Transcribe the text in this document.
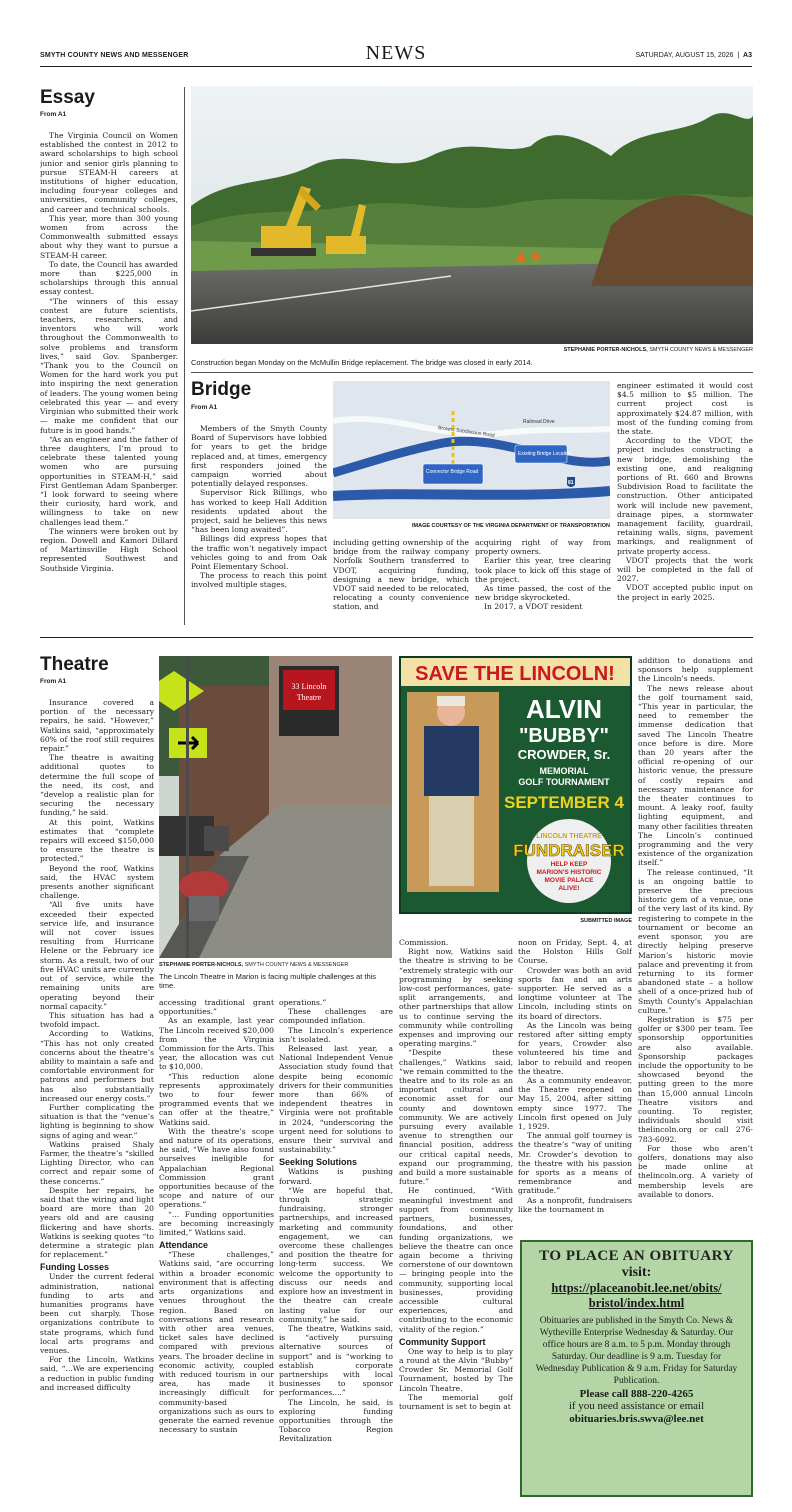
SMYTH COUNTY NEWS AND MESSENGER	NEWS	SATURDAY, AUGUST 15, 2026  |  A3
Essay
From A1

The Virginia Council on Women established the contest in 2012 to award scholarships to high school junior and senior girls planning to pursue STEAM-H careers at institutions of higher education, including four-year colleges and universities, community colleges, and career and technical schools.

This year, more than 300 young women from across the Commonwealth submitted essays about why they want to pursue a STEAM-H career.

To date, the Council has awarded more than $225,000 in scholarships through this annual essay contest.

“The winners of this essay contest are future scientists, teachers, researchers, and inventors who will work throughout the Commonwealth to solve problems and transform lives,” said Gov. Spanberger. “Thank you to the Council on Women for the hard work you put into inspiring the next generation of leaders. The young women being celebrated this year — and every Virginian who submitted their work — make me confident that our future is in good hands.”

“As an engineer and the father of three daughters, I’m proud to celebrate these talented young women who are pursuing opportunities in STEAM-H,” said First Gentleman Adam Spanberger. “I look forward to seeing where their curiosity, hard work, and willingness to take on new challenges lead them.”

The winners were broken out by region. Dowell and Kamori Dillard of Martinsville High School represented Southwest and Southside Virginia.

STEPHANIE PORTER-NICHOLS, SMYTH COUNTY NEWS & MESSENGER
Construction began Monday on the McMullin Bridge replacement. The bridge was closed in early 2014.
Bridge
From A1

Members of the Smyth County Board of Supervisors have lobbied for years to get the bridge replaced and, at times, emergency first responders joined the campaign worried about potentially delayed responses.

Supervisor Rick Billings, who has worked to keep Hall Addition residents updated about the project, said he believes this news “has been long awaited”.

Billings did express hopes that the traffic won’t negatively impact vehicles going to and from Oak Point Elementary School.

The process to reach this point involved multiple stages,

Browns Subdivision Road
Railroad Drive
Connector Bridge Road
Existing Bridge Location
81
IMAGE COURTESY OF THE VIRGINIA DEPARTMENT OF TRANSPORTATION

including getting ownership of the bridge from the railway company Norfolk Southern transferred to VDOT, acquiring funding, designing a new bridge, which VDOT said needed to be relocated, relocating a county convenience station, and

acquiring right of way from property owners.

Earlier this year, tree clearing took place to kick off this stage of the project.

As time passed, the cost of the new bridge skyrocketed.

In 2017, a VDOT resident

engineer estimated it would cost $4.5 million to $5 million. The current project cost is approximately $24.87 million, with most of the funding coming from the state.

According to the VDOT, the project includes constructing a new bridge, demolishing the existing one, and realigning portions of Rt. 660 and Browns Subdivision Road to facilitate the construction. Other anticipated work will include new pavement, drainage pipes, a stormwater management facility, guardrail, retaining walls, signs, pavement markings, and realignment of private property access.

VDOT projects that the work will be completed in the fall of 2027.

VDOT accepted public input on the project in early 2025.

Theatre
From A1

Insurance covered a portion of the necessary repairs, he said. “However,” Watkins said, “approximately 60% of the roof still requires repair.”

The theatre is awaiting additional quotes to determine the full scope of the need, its cost, and “develop a realistic plan for securing the necessary funding,” he said.

At this point, Watkins estimates that “complete repairs will exceed $150,000 to ensure the theatre is protected.”

Beyond the roof, Watkins said, the HVAC system presents another significant challenge.

“All five units have exceeded their expected service life, and insurance will not cover issues resulting from Hurricane Helene or the February ice storm. As a result, two of our five HVAC units are currently out of service, while the remaining units are operating beyond their normal capacity.”

This situation has had a twofold impact.

According to Watkins, “This has not only created concerns about the theatre’s ability to maintain a safe and comfortable environment for patrons and performers but has also substantially increased our energy costs.”

Further complicating the situation is that the “venue’s lighting is beginning to show signs of aging and wear.”

Watkins praised Shaly Farmer, the theatre’s “skilled Lighting Director, who can correct and repair some of these concerns.”

Despite her repairs, he said that the wiring and light board are more than 20 years old and are causing flickering and have shorts. Watkins is seeking quotes “to determine a strategic plan for replacement.”

Funding Losses

Under the current federal administration, national funding to arts and humanities programs have been cut sharply. Those organizations contribute to state programs, which fund local arts programs and venues.

For the Lincoln, Watkins said, “...We are experiencing a reduction in public funding and increased difficulty

33 Lincoln
Theatre
STEPHANIE PORTER-NICHOLS, SMYTH COUNTY NEWS & MESSENGER
The Lincoln Theatre in Marion is facing multiple challenges at this time.
SAVE THE LINCOLN!
ALVIN
"BUBBY"
CROWDER, Sr.
MEMORIAL
GOLF TOURNAMENT
SEPTEMBER 4
LINCOLN THEATRE
FUNDRAISER
HELP KEEP
MARION'S HISTORIC
MOVIE PALACE
ALIVE!
SUBMITTED IMAGE

accessing traditional grant opportunities.”

As an example, last year The Lincoln received $20,000 from the Virginia Commission for the Arts. This year, the allocation was cut to $10,000.

“This reduction alone represents approximately two to four fewer programmed events that we can offer at the theatre,” Watkins said.

With the theatre’s scope and nature of its operations, he said, “We have also found ourselves ineligible for Appalachian Regional Commission grant opportunities because of the scope and nature of our operations.”

“... Funding opportunities are becoming increasingly limited,” Watkins said.

Attendance

“These challenges,” Watkins said, “are occurring within a broader economic environment that is affecting arts organizations and venues throughout the region. Based on conversations and research with other area venues, ticket sales have declined compared with previous years. The broader decline in economic activity, coupled with reduced tourism in our area, has made it increasingly difficult for community-based organizations such as ours to generate the earned revenue necessary to sustain

operations.”

These challenges are compounded inflation.

The Lincoln’s experience isn’t isolated.

Released last year, a National Independent Venue Association study found that despite being economic drivers for their communities more than 66% of independent theatres in Virginia were not profitable in 2024, “underscoring the urgent need for solutions to ensure their survival and sustainability.”

Seeking Solutions

Watkins is pushing forward.

“We are hopeful that, through strategic fundraising, stronger partnerships, and increased marketing and community engagement, we can overcome these challenges and position the theatre for long-term success. We welcome the opportunity to discuss our needs and explore how an investment in the theatre can create lasting value for our community,” he said.

The theatre, Watkins said, is “actively pursuing alternative sources of support” and is “working to establish corporate partnerships with local businesses to sponsor performances....”

The Lincoln, he said, is exploring funding opportunities through the Tobacco Region Revitalization

Commission.

Right now, Watkins said the theatre is striving to be “extremely strategic with our programming by seeking low-cost performances, gate-split arrangements, and other partnerships that allow us to continue serving the community while controlling expenses and improving our operating margins.”

“Despite these challenges,” Watkins said, “we remain committed to the theatre and to its role as an important cultural and economic asset for our county and downtown community. We are actively pursuing every available avenue to strengthen our financial position, address our critical capital needs, expand our programming, and build a more sustainable future.”

He continued, “With meaningful investment and support from community partners, businesses, foundations, and other funding organizations, we believe the theatre can once again become a thriving cornerstone of our downtown — bringing people into the community, supporting local businesses, providing accessible cultural experiences, and contributing to the economic vitality of the region.”

Community Support

One way to help is to play a round at the Alvin “Bubby” Crowder Sr. Memorial Golf Tournament, hosted by The Lincoln Theatre.

The memorial golf tournament is set to begin at

noon on Friday, Sept. 4, at the Holston Hills Golf Course.

Crowder was both an avid sports fan and an arts supporter. He served as a longtime volunteer at The Lincoln, including stints on its board of directors.

As the Lincoln was being restored after sitting empty for years, Crowder also volunteered his time and labor to rebuild and reopen the theatre.

As a community endeavor, the Theatre reopened on May 15, 2004, after sitting empty since 1977. The Lincoln first opened on July 1, 1929.

The annual golf tourney is the theatre’s “way of uniting Mr. Crowder’s devotion to the theatre with his passion for sports as a means of remembrance and gratitude.”

As a nonprofit, fundraisers like the tournament in

addition to donations and sponsors help supplement the Lincoln’s needs.

The news release about the golf tournament said, “This year in particular, the need to remember the immense dedication that saved The Lincoln Theatre once before is dire. More than 20 years after the official re-opening of our historic venue, the pressure of costly repairs and necessary maintenance for the theater continues to mount. A leaky roof, faulty lighting equipment, and many other facilities threaten The Lincoln’s continued programming and the very existence of the organization itself.”

The release continued, “It is an ongoing battle to preserve the precious historic gem of a venue, one of the very last of its kind. By registering to compete in the tournament or become an event sponsor, you are directly helping preserve Marion’s historic movie palace and preventing it from returning to its former abandoned state – a hollow shell of a once-prized hub of Smyth County’s Appalachian culture.”

Registration is $75 per golfer or $300 per team. Tee sponsorship opportunities are also available. Sponsorship packages include the opportunity to be showcased beyond the putting green to the more than 15,000 annual Lincoln Theatre visitors and counting. To register, individuals should visit thelincoln.org or call 276-783-6092.

For those who aren’t golfers, donations may also be made online at thelincoln.org. A variety of membership levels are available to donors.

TO PLACE AN OBITUARY
visit:
https://placeanobit.lee.net/obits/
bristol/index.html
Obituaries are published in the Smyth Co. News & Wytheville Enterprise Wednesday & Saturday. Our office hours are 8 a.m. to 5 p.m. Monday through Saturday. Our deadline is 9 a.m. Tuesday for Wednesday Publication & 9 a.m. Friday for Saturday Publication.
Please call 888-220-4265
if you need assistance or email
obituaries.bris.swva@lee.net
